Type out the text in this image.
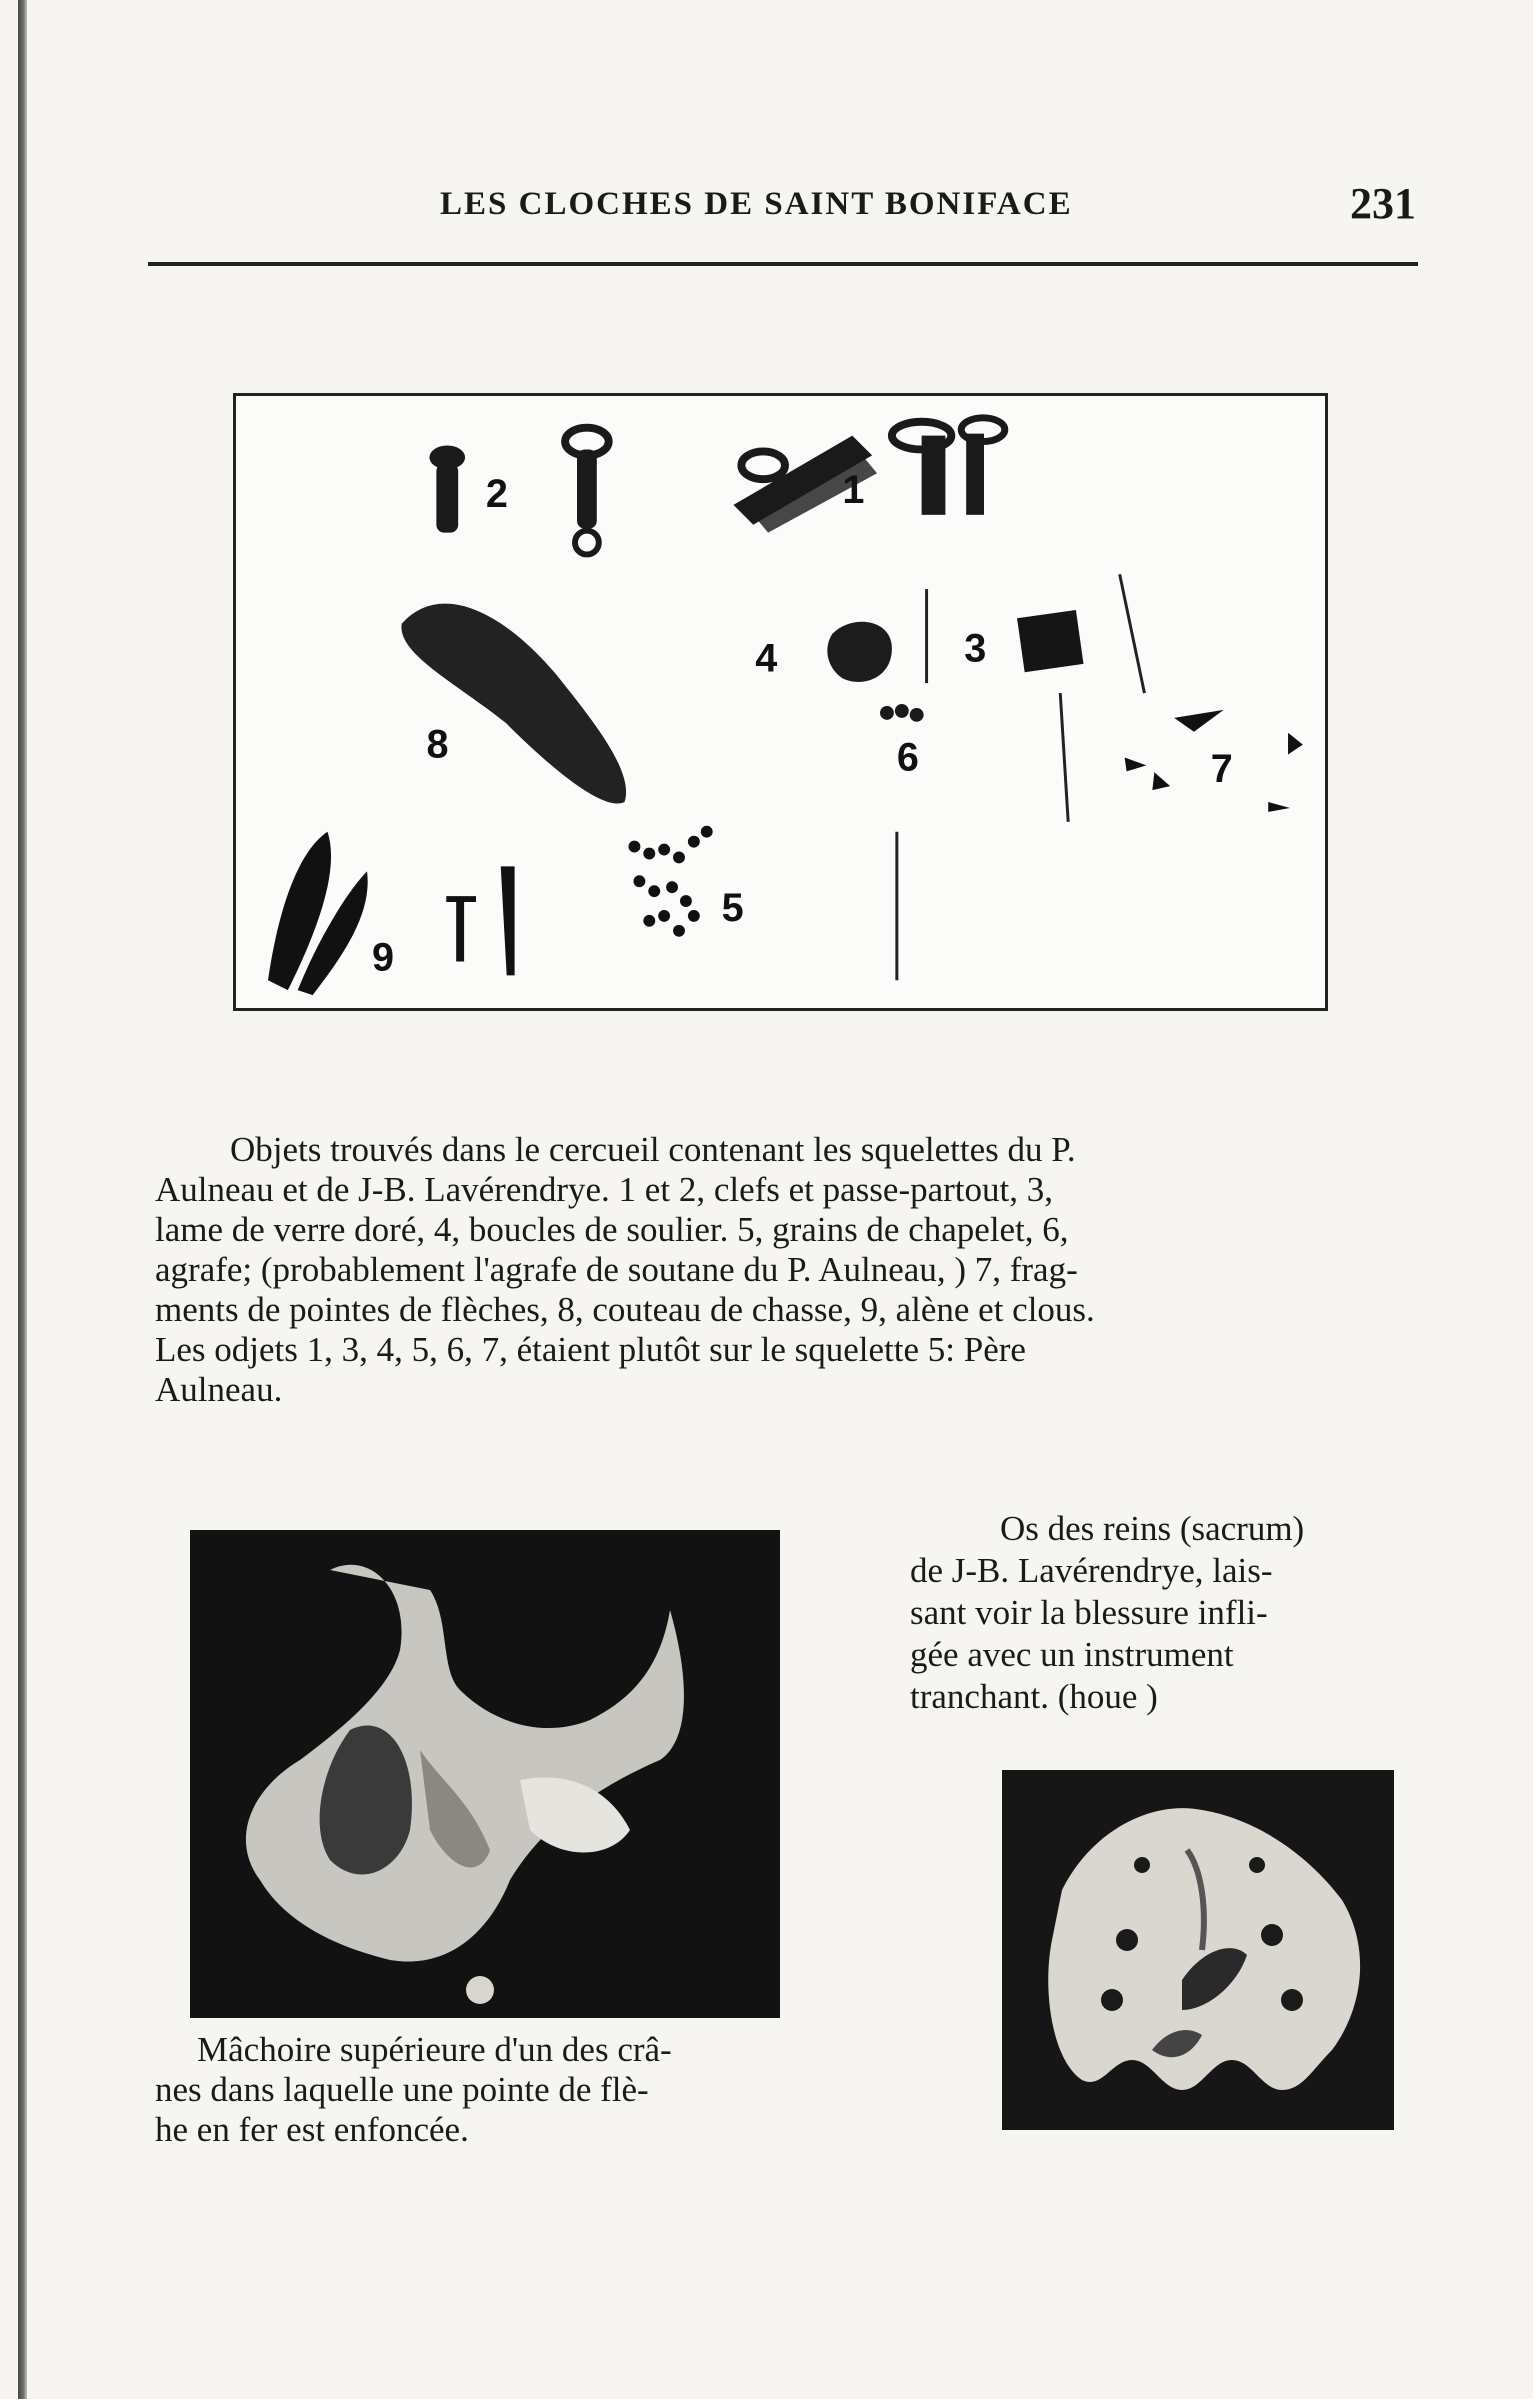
LES CLOCHES DE SAINT BONIFACE	231
2	1
4	3
8	6	7
5
9
Objets trouvés dans le cercueil contenant les squelettes du P.
Aulneau et de J-B. Lavérendrye. 1 et 2, clefs et passe-partout, 3,
lame de verre doré, 4, boucles de soulier. 5, grains de chapelet, 6,
agrafe; (probablement l'agrafe de soutane du P. Aulneau, ) 7, frag-
ments de pointes de flèches, 8, couteau de chasse, 9, alène et clous.
Les odjets 1, 3, 4, 5, 6, 7, étaient plutôt sur le squelette 5: Père
Aulneau.
Mâchoire supérieure d'un des crâ-
nes dans laquelle une pointe de flè-
he en fer est enfoncée.
Os des reins (sacrum)
de J-B. Lavérendrye, lais-
sant voir la blessure infli-
gée avec un instrument
tranchant. (houe )
